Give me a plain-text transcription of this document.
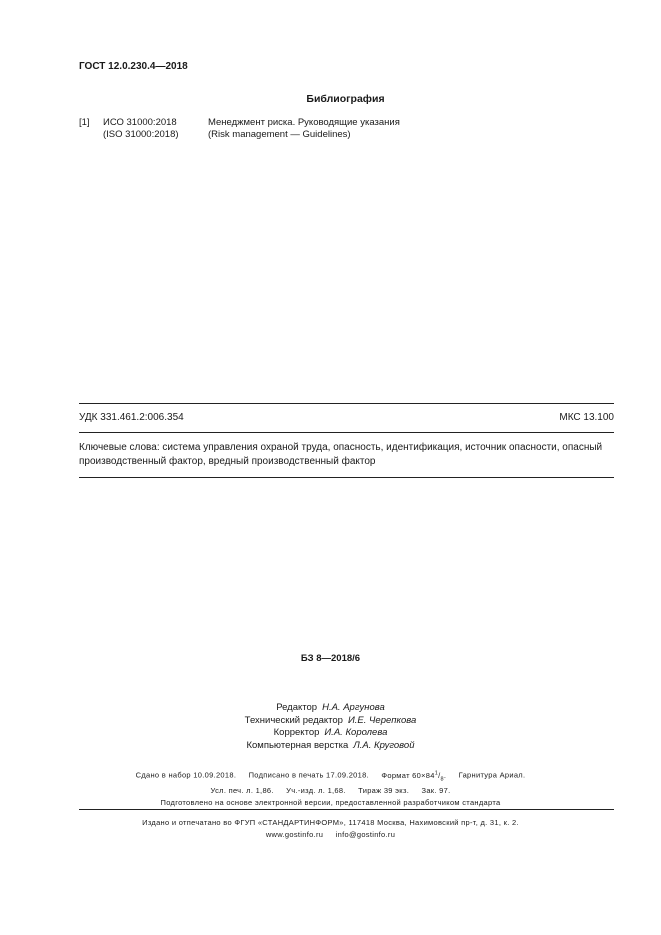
ГОСТ 12.0.230.4—2018
Библиография
[1] ИСО 31000:2018
(ISO 31000:2018)
Менеджмент риска. Руководящие указания
(Risk management — Guidelines)
УДК 331.461.2:006.354	МКС 13.100
Ключевые слова: система управления охраной труда, опасность, идентификация, источник опасности, опасный производственный фактор, вредный производственный фактор
БЗ 8—2018/6
Редактор Н.А. Аргунова
Технический редактор И.Е. Черепкова
Корректор И.А. Королева
Компьютерная верстка Л.А. Круговой
Сдано в набор 10.09.2018. Подписано в печать 17.09.2018. Формат $60\times 84^1/_8$. Гарнитура Ариал.
Усл. печ. л. 1,86. Уч.-изд. л. 1,68. Тираж 39 экз. Зак. 97.
Подготовлено на основе электронной версии, предоставленной разработчиком стандарта
Издано и отпечатано во ФГУП «СТАНДАРТИНФОРМ», 117418 Москва, Нахимовский пр-т, д. 31, к. 2.
www.gostinfo.ru info@gostinfo.ru
